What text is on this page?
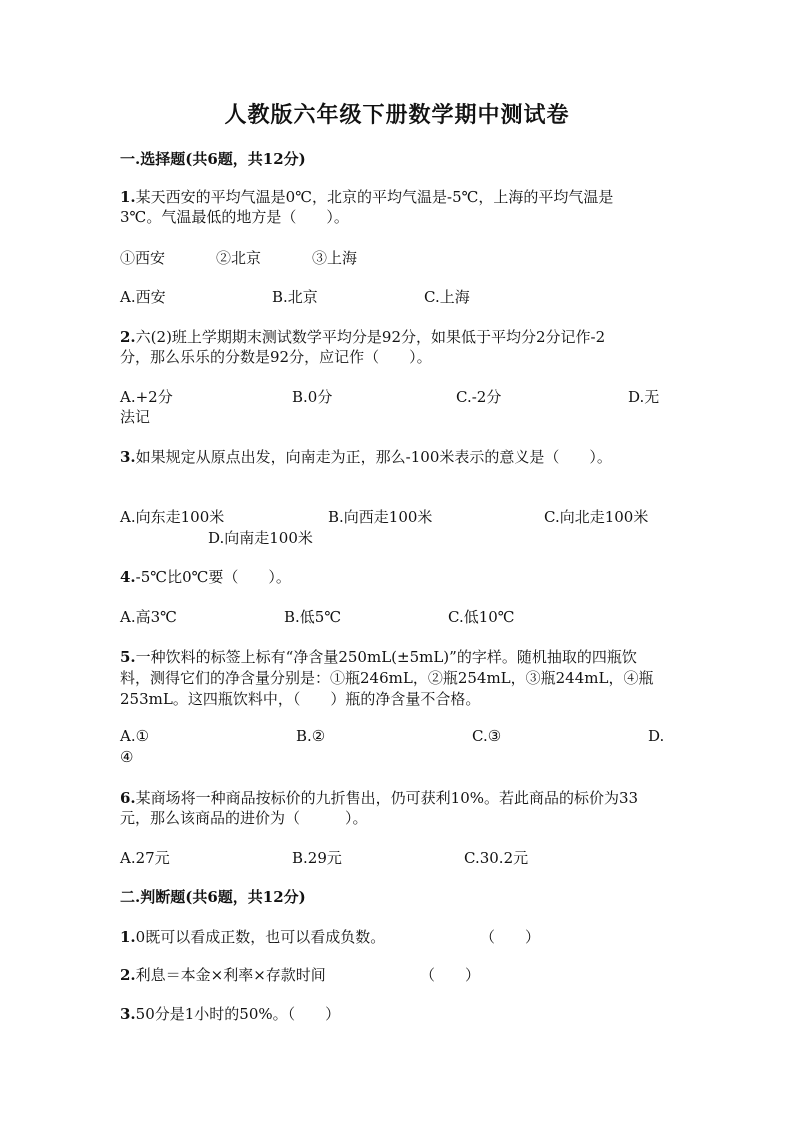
人教版六年级下册数学期中测试卷
一.选择题(共6题，共12分)
1.某天西安的平均气温是0℃，北京的平均气温是-5℃，上海的平均气温是
3℃。气温最低的地方是（　　）。
①西安	②北京	③上海
A.西安	B.北京	C.上海
2.六(2)班上学期期末测试数学平均分是92分，如果低于平均分2分记作-2
分，那么乐乐的分数是92分，应记作（　　）。
A.+2分	B.0分	C.-2分	D.无
法记
3.如果规定从原点出发，向南走为正，那么-100米表示的意义是（　　）。
A.向东走100米	B.向西走100米	C.向北走100米
D.向南走100米
4.-5℃比0℃要（　　）。
A.高3℃	B.低5℃	C.低10℃
5.一种饮料的标签上标有“净含量250mL(±5mL)”的字样。随机抽取的四瓶饮
料，测得它们的净含量分别是：①瓶246mL，②瓶254mL，③瓶244mL，④瓶
253mL。这四瓶饮料中，（　　）瓶的净含量不合格。
A.①	B.②	C.③	D.
④
6.某商场将一种商品按标价的九折售出，仍可获利10%。若此商品的标价为33
元，那么该商品的进价为（　　　）。
A.27元	B.29元	C.30.2元
二.判断题(共6题，共12分)
1.0既可以看成正数，也可以看成负数。	（　　）
2.利息＝本金×利率×存款时间	（　　）
3.50分是1小时的50%。（　　）
